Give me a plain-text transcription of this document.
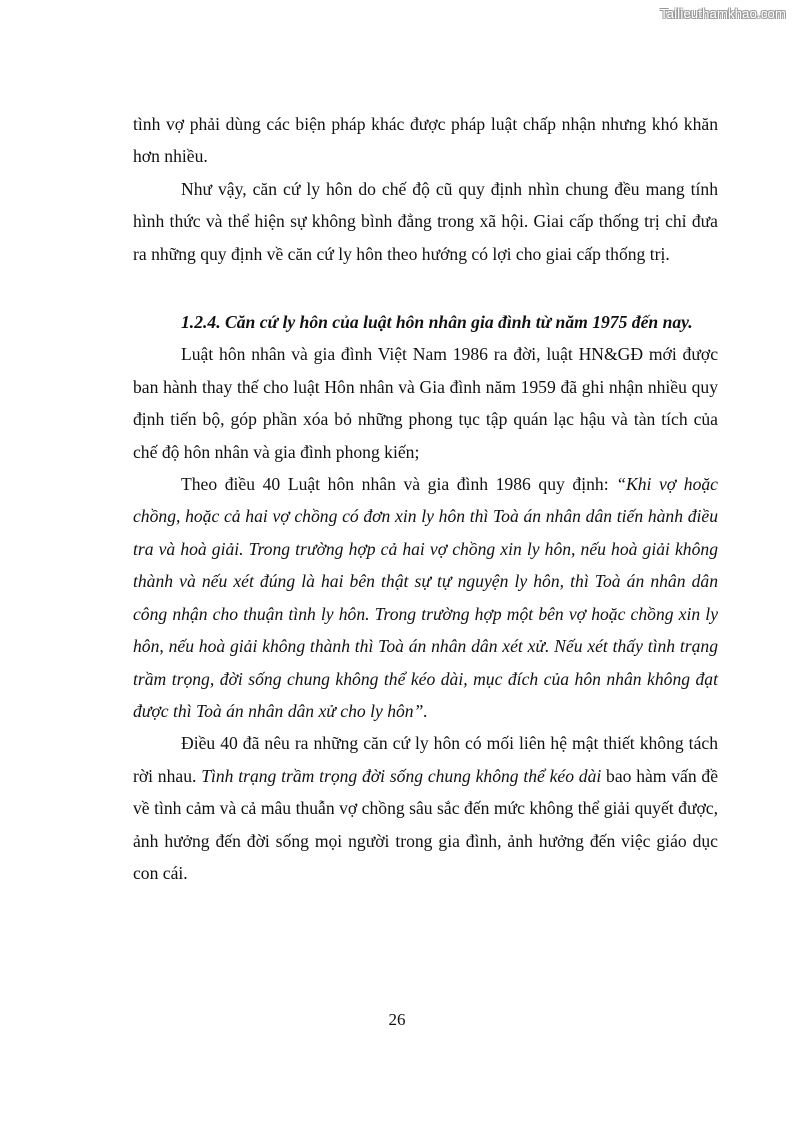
Tailieuthamkhao.com

tình vợ phải dùng các biện pháp khác được pháp luật chấp nhận nhưng khó khăn hơn nhiều.

Như vậy, căn cứ ly hôn do chế độ cũ quy định nhìn chung đều mang tính hình thức và thể hiện sự không bình đẳng trong xã hội. Giai cấp thống trị chỉ đưa ra những quy định về căn cứ ly hôn theo hướng có lợi cho giai cấp thống trị.

1.2.4. Căn cứ ly hôn của luật hôn nhân gia đình từ năm 1975 đến nay.

Luật hôn nhân và gia đình Việt Nam 1986 ra đời, luật HN&GĐ mới được ban hành thay thế cho luật Hôn nhân và Gia đình năm 1959 đã ghi nhận nhiều quy định tiến bộ, góp phần xóa bỏ những phong tục tập quán lạc hậu và tàn tích của chế độ hôn nhân và gia đình phong kiến;

Theo điều 40 Luật hôn nhân và gia đình 1986 quy định: “Khi vợ hoặc chồng, hoặc cả hai vợ chồng có đơn xin ly hôn thì Toà án nhân dân tiến hành điều tra và hoà giải. Trong trường hợp cả hai vợ chồng xin ly hôn, nếu hoà giải không thành và nếu xét đúng là hai bên thật sự tự nguyện ly hôn, thì Toà án nhân dân công nhận cho thuận tình ly hôn. Trong trường hợp một bên vợ hoặc chồng xin ly hôn, nếu hoà giải không thành thì Toà án nhân dân xét xử. Nếu xét thấy tình trạng trầm trọng, đời sống chung không thể kéo dài, mục đích của hôn nhân không đạt được thì Toà án nhân dân xử cho ly hôn”.

Điều 40 đã nêu ra những căn cứ ly hôn có mối liên hệ mật thiết không tách rời nhau. Tình trạng trầm trọng đời sống chung không thể kéo dài bao hàm vấn đề về tình cảm và cả mâu thuẫn vợ chồng sâu sắc đến mức không thể giải quyết được, ảnh hưởng đến đời sống mọi người trong gia đình, ảnh hưởng đến việc giáo dục con cái.

26
